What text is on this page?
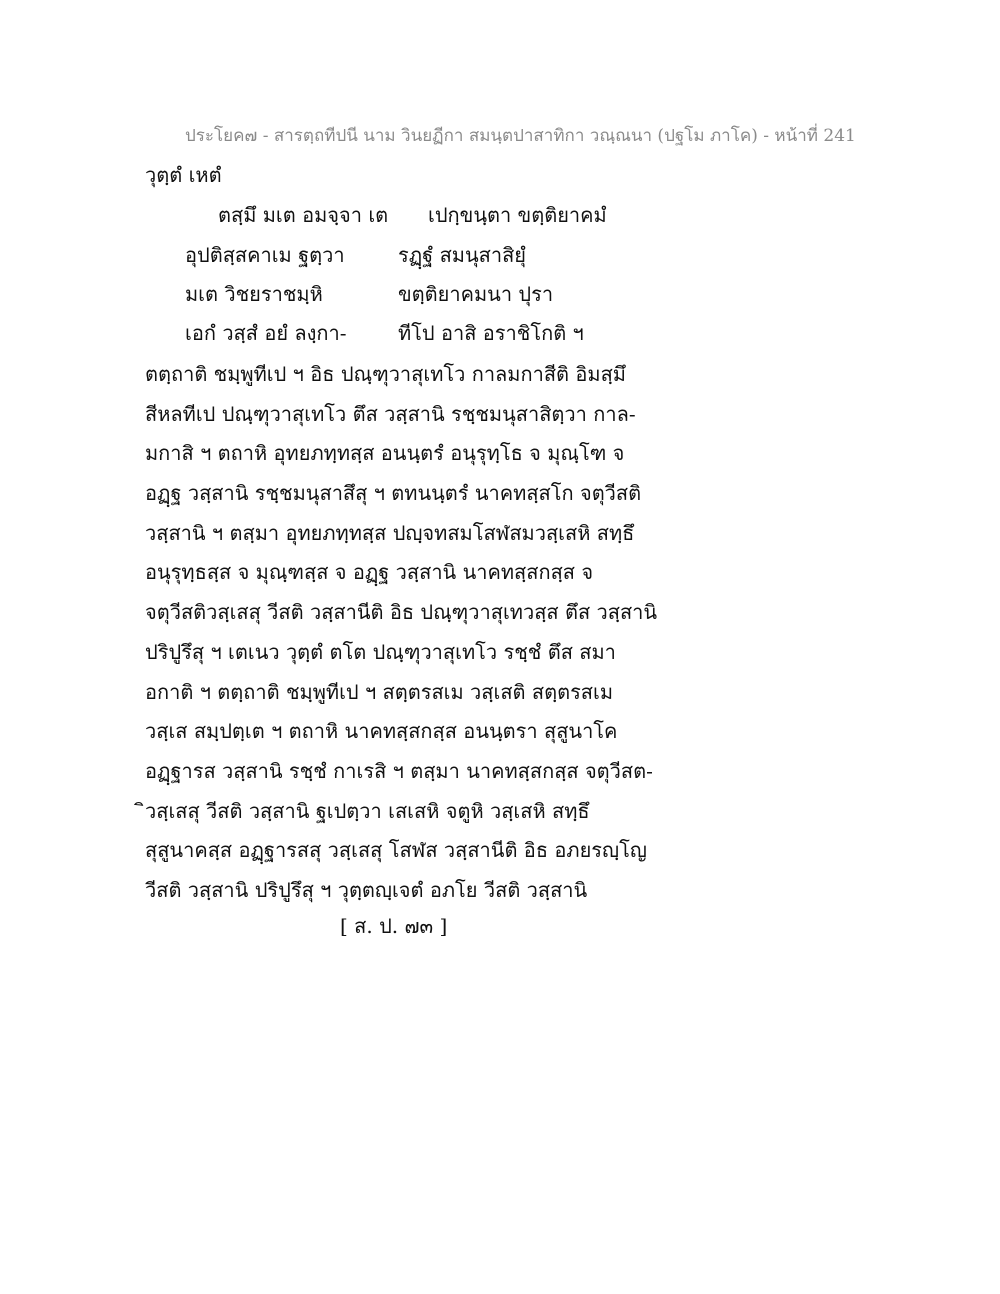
ประโยค๗ - สารตฺถทีปนี นาม วินยฏีกา สมนฺตปาสาทิกา วณฺณนา (ปฐโม ภาโค) - หน้าที่ 241
วุตฺตํ เหตํ
ตสฺมึ มเต อมจฺจา เต เปกฺขนฺตา ขตฺติยาคมํ
อุปติสฺสคาเม ฐตฺวา	รฏฺฐํ สมนุสาสิยุํ
มเต วิชยราชมฺหิ	ขตฺติยาคมนา ปุรา
เอกํ วสฺสํ อยํ ลงฺกา-	ทีโป อาสิ อราชิโกติ ฯ
ตตฺถาติ ชมฺพูทีเป ฯ อิธ ปณฺฑุวาสุเทโว กาลมกาสีติ อิมสฺมึ
สีหลทีเป ปณฺฑุวาสุเทโว ตึส วสฺสานิ รชฺชมนุสาสิตฺวา กาล-
มกาสิ ฯ ตถาหิ อุทยภทฺทสฺส อนนฺตรํ อนุรุทฺโธ จ มุณฺโฑ จ
อฏฺฐ วสฺสานิ รชฺชมนุสาสึสุ ฯ ตทนนฺตรํ นาคทสฺสโก จตุวีสติ
วสฺสานิ ฯ ตสฺมา อุทยภทฺทสฺส ปญฺจทสมโสฬสมวสฺเสหิ สทฺธึ
อนุรุทฺธสฺส จ มุณฺฑสฺส จ อฏฺฐ วสฺสานิ นาคทสฺสกสฺส จ
จตุวีสติวสฺเสสุ วีสติ วสฺสานีติ อิธ ปณฺฑุวาสุเทวสฺส ตึส วสฺสานิ
ปริปูรึสุ ฯ เตเนว วุตฺตํ ตโต ปณฺฑุวาสุเทโว รชฺชํ ตึส สมา
อกาติ ฯ ตตฺถาติ ชมฺพูทีเป ฯ สตฺตรสเม วสฺเสติ สตฺตรสเม
วสฺเส สมฺปตฺเต ฯ ตถาหิ นาคทสฺสกสฺส อนนฺตรา สุสูนาโค
อฏฺฐารส วสฺสานิ รชฺชํ กาเรสิ ฯ ตสฺมา นาคทสฺสกสฺส จตุวีสต-
ิวสฺเสสุ วีสติ วสฺสานิ ฐเปตฺวา เสเสหิ จตูหิ วสฺเสหิ สทฺธึ
สุสูนาคสฺส อฏฺฐารสสุ วสฺเสสุ โสฬส วสฺสานีติ อิธ อภยรญฺโญ
วีสติ วสฺสานิ ปริปูรึสุ ฯ วุตฺตญฺเจตํ อภโย วีสติ วสฺสานิ
[ ส. ป. ๗๓ ]
